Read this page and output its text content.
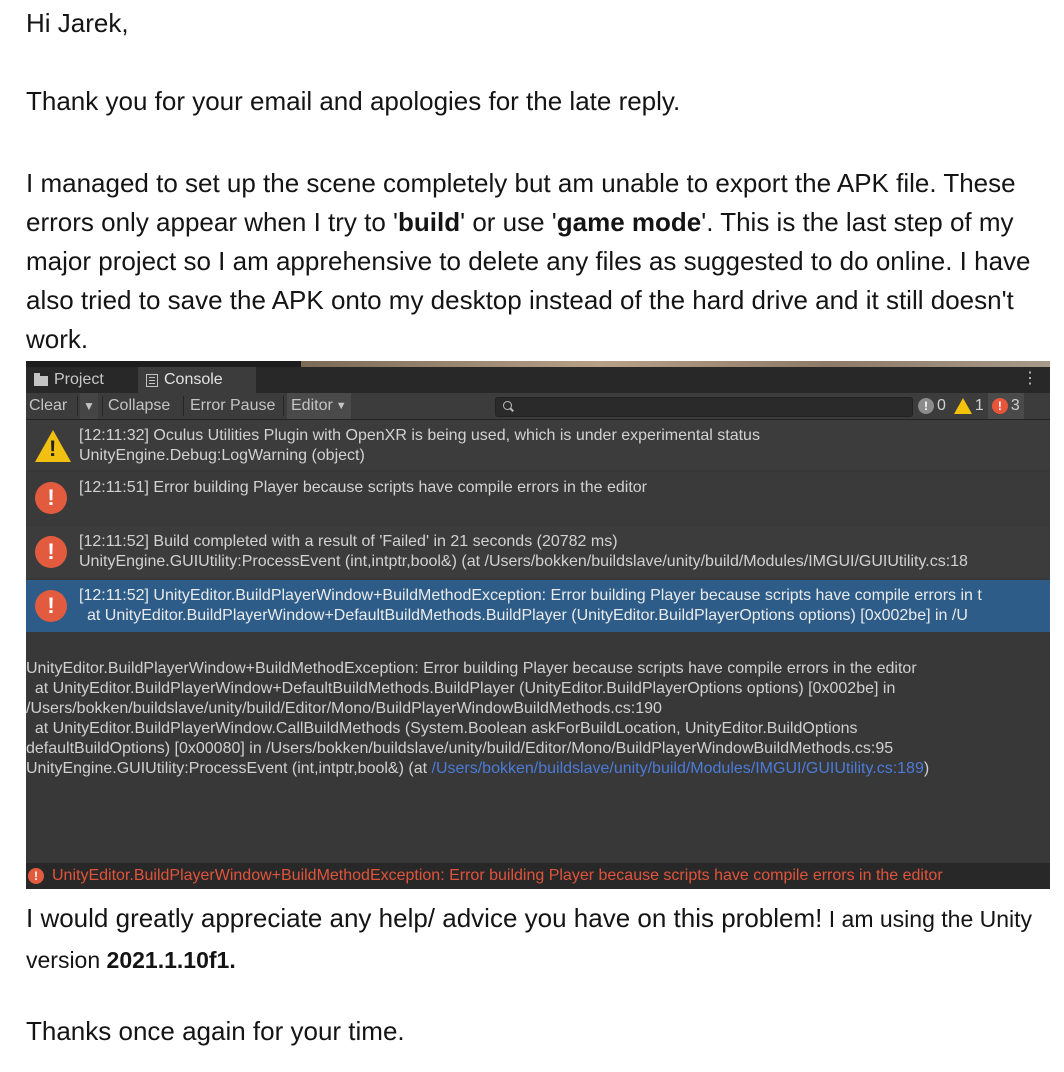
Hi Jarek,
Thank you for your email and apologies for the late reply.
I managed to set up the scene completely but am unable to export the APK file. These errors only appear when I try to 'build' or use 'game mode'. This is the last step of my major project so I am apprehensive to delete any files as suggested to do online. I have also tried to save the APK onto my desktop instead of the hard drive and it still doesn't work.
Project	Console	⋮
Clear ▼ Collapse Error Pause Editor ▼	! 0 1	! 3
!
[12:11:32] Oculus Utilities Plugin with OpenXR is being used, which is under experimental status
UnityEngine.Debug:LogWarning (object)
!	[12:11:51] Error building Player because scripts have compile errors in the editor
!	[12:11:52] Build completed with a result of 'Failed' in 21 seconds (20782 ms)
UnityEngine.GUIUtility:ProcessEvent (int,intptr,bool&) (at /Users/bokken/buildslave/unity/build/Modules/IMGUI/GUIUtility.cs:18
!	[12:11:52] UnityEditor.BuildPlayerWindow+BuildMethodException: Error building Player because scripts have compile errors in t
at UnityEditor.BuildPlayerWindow+DefaultBuildMethods.BuildPlayer (UnityEditor.BuildPlayerOptions options) [0x002be] in /U
UnityEditor.BuildPlayerWindow+BuildMethodException: Error building Player because scripts have compile errors in the editor
at UnityEditor.BuildPlayerWindow+DefaultBuildMethods.BuildPlayer (UnityEditor.BuildPlayerOptions options) [0x002be] in
/Users/bokken/buildslave/unity/build/Editor/Mono/BuildPlayerWindowBuildMethods.cs:190
at UnityEditor.BuildPlayerWindow.CallBuildMethods (System.Boolean askForBuildLocation, UnityEditor.BuildOptions
defaultBuildOptions) [0x00080] in /Users/bokken/buildslave/unity/build/Editor/Mono/BuildPlayerWindowBuildMethods.cs:95
UnityEngine.GUIUtility:ProcessEvent (int,intptr,bool&) (at /Users/bokken/buildslave/unity/build/Modules/IMGUI/GUIUtility.cs:189)
! UnityEditor.BuildPlayerWindow+BuildMethodException: Error building Player because scripts have compile errors in the editor
I would greatly appreciate any help/ advice you have on this problem! I am using the Unity version 2021.1.10f1.
Thanks once again for your time.
